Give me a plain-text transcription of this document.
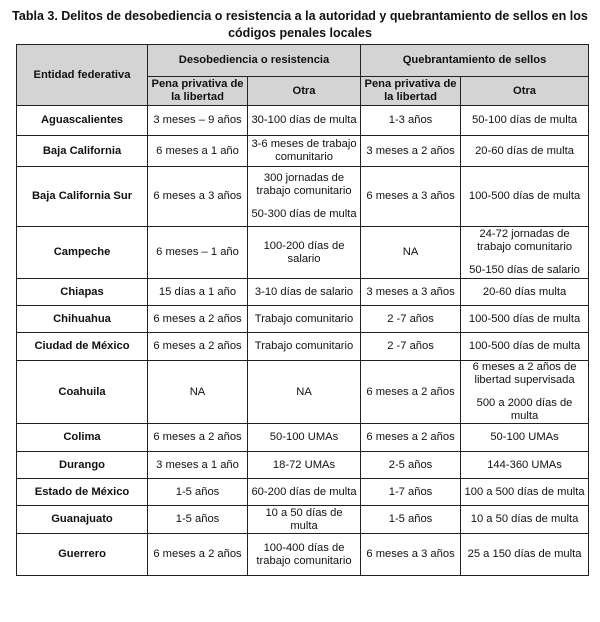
Tabla 3. Delitos de desobediencia o resistencia a la autoridad y quebrantamiento de sellos en los
códigos penales locales
Entidad federativa	Desobediencia o resistencia		Quebrantamiento de sellos	
	Pena privativa de la libertad	Otra	Pena privativa de la libertad	Otra
Aguascalientes	3 meses – 9 años	30-100 días de multa	1-3 años	50-100 días de multa

Baja California	6 meses a 1 año	3-6 meses de trabajo comunitario	3 meses a 2 años	20-60 días de multa

Baja California Sur	6 meses a 3 años	300 jornadas de trabajo comunitario
50-300 días de multa	6 meses a 3 años	100-500 días de multa

Campeche	6 meses – 1 año	100-200 días de salario	NA	24-72 jornadas de trabajo comunitario
50-150 días de salario

Chiapas	15 días a 1 año	3-10 días de salario	3 meses a 3 años	20-60 días multa

Chihuahua	6 meses a 2 años	Trabajo comunitario	2 -7 años	100-500 días de multa

Ciudad de México	6 meses a 2 años	Trabajo comunitario	2 -7 años	100-500 días de multa

Coahuila	NA	NA	6 meses a 2 años	6 meses a 2 años de libertad supervisada
500 a 2000 días de multa

Colima	6 meses a 2 años	50-100 UMAs	6 meses a 2 años	50-100 UMAs

Durango	3 meses a 1 año	18-72 UMAs	2-5 años	144-360 UMAs

Estado de México	1-5 años	60-200 días de multa	1-7 años	100 a 500 días de multa

Guanajuato	1-5 años	10 a 50 días de multa	1-5 años	10 a 50 días de multa

Guerrero	6 meses a 2 años	100-400 días de trabajo comunitario	6 meses a 3 años	25 a 150 días de multa
